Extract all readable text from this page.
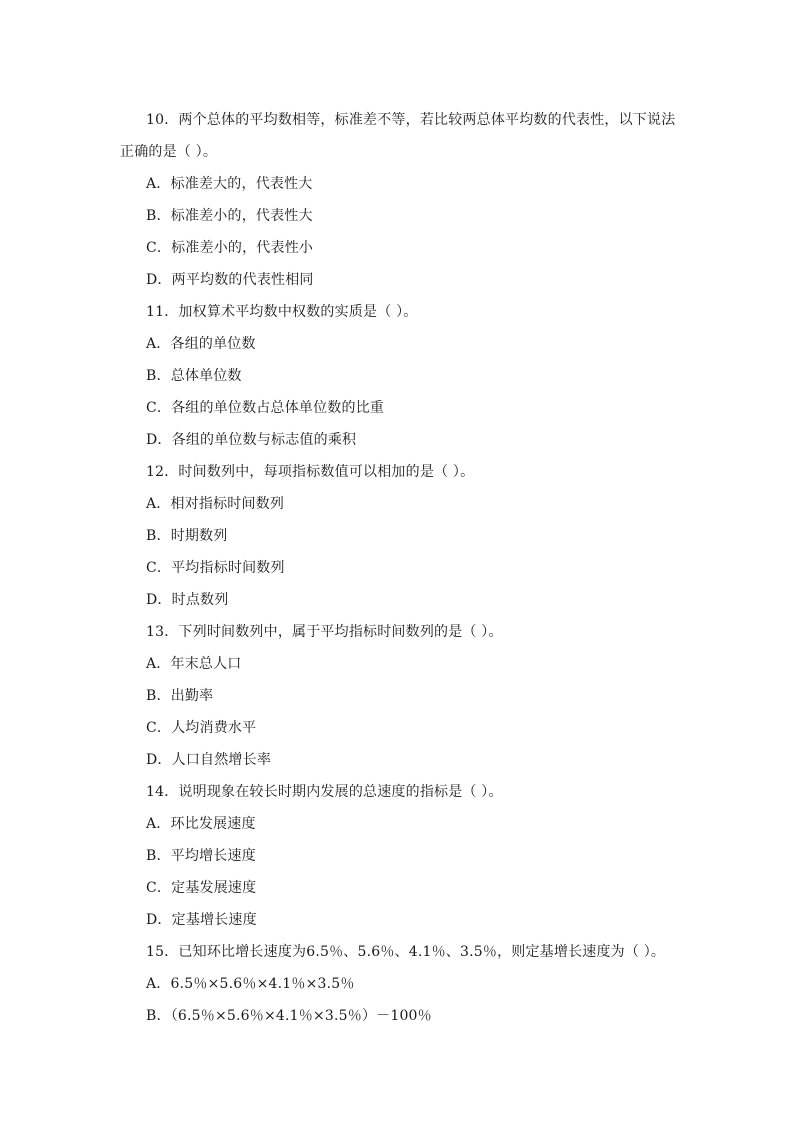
10．两个总体的平均数相等，标准差不等，若比较两总体平均数的代表性，以下说法
正确的是（ ）。
A．标准差大的，代表性大
B．标准差小的，代表性大
C．标准差小的，代表性小
D．两平均数的代表性相同
11．加权算术平均数中权数的实质是（ ）。
A．各组的单位数
B．总体单位数
C．各组的单位数占总体单位数的比重
D．各组的单位数与标志值的乘积
12．时间数列中，每项指标数值可以相加的是（ ）。
A．相对指标时间数列
B．时期数列
C．平均指标时间数列
D．时点数列
13．下列时间数列中，属于平均指标时间数列的是（ ）。
A．年末总人口
B．出勤率
C．人均消费水平
D．人口自然增长率
14．说明现象在较长时期内发展的总速度的指标是（ ）。
A．环比发展速度
B．平均增长速度
C．定基发展速度
D．定基增长速度
15．已知环比增长速度为6.5％、5.6％、4.1％、3.5％，则定基增长速度为（ ）。
A．6.5％×5.6％×4.1％×3.5％
B．（6.5％×5.6％×4.1％×3.5％）－100％
